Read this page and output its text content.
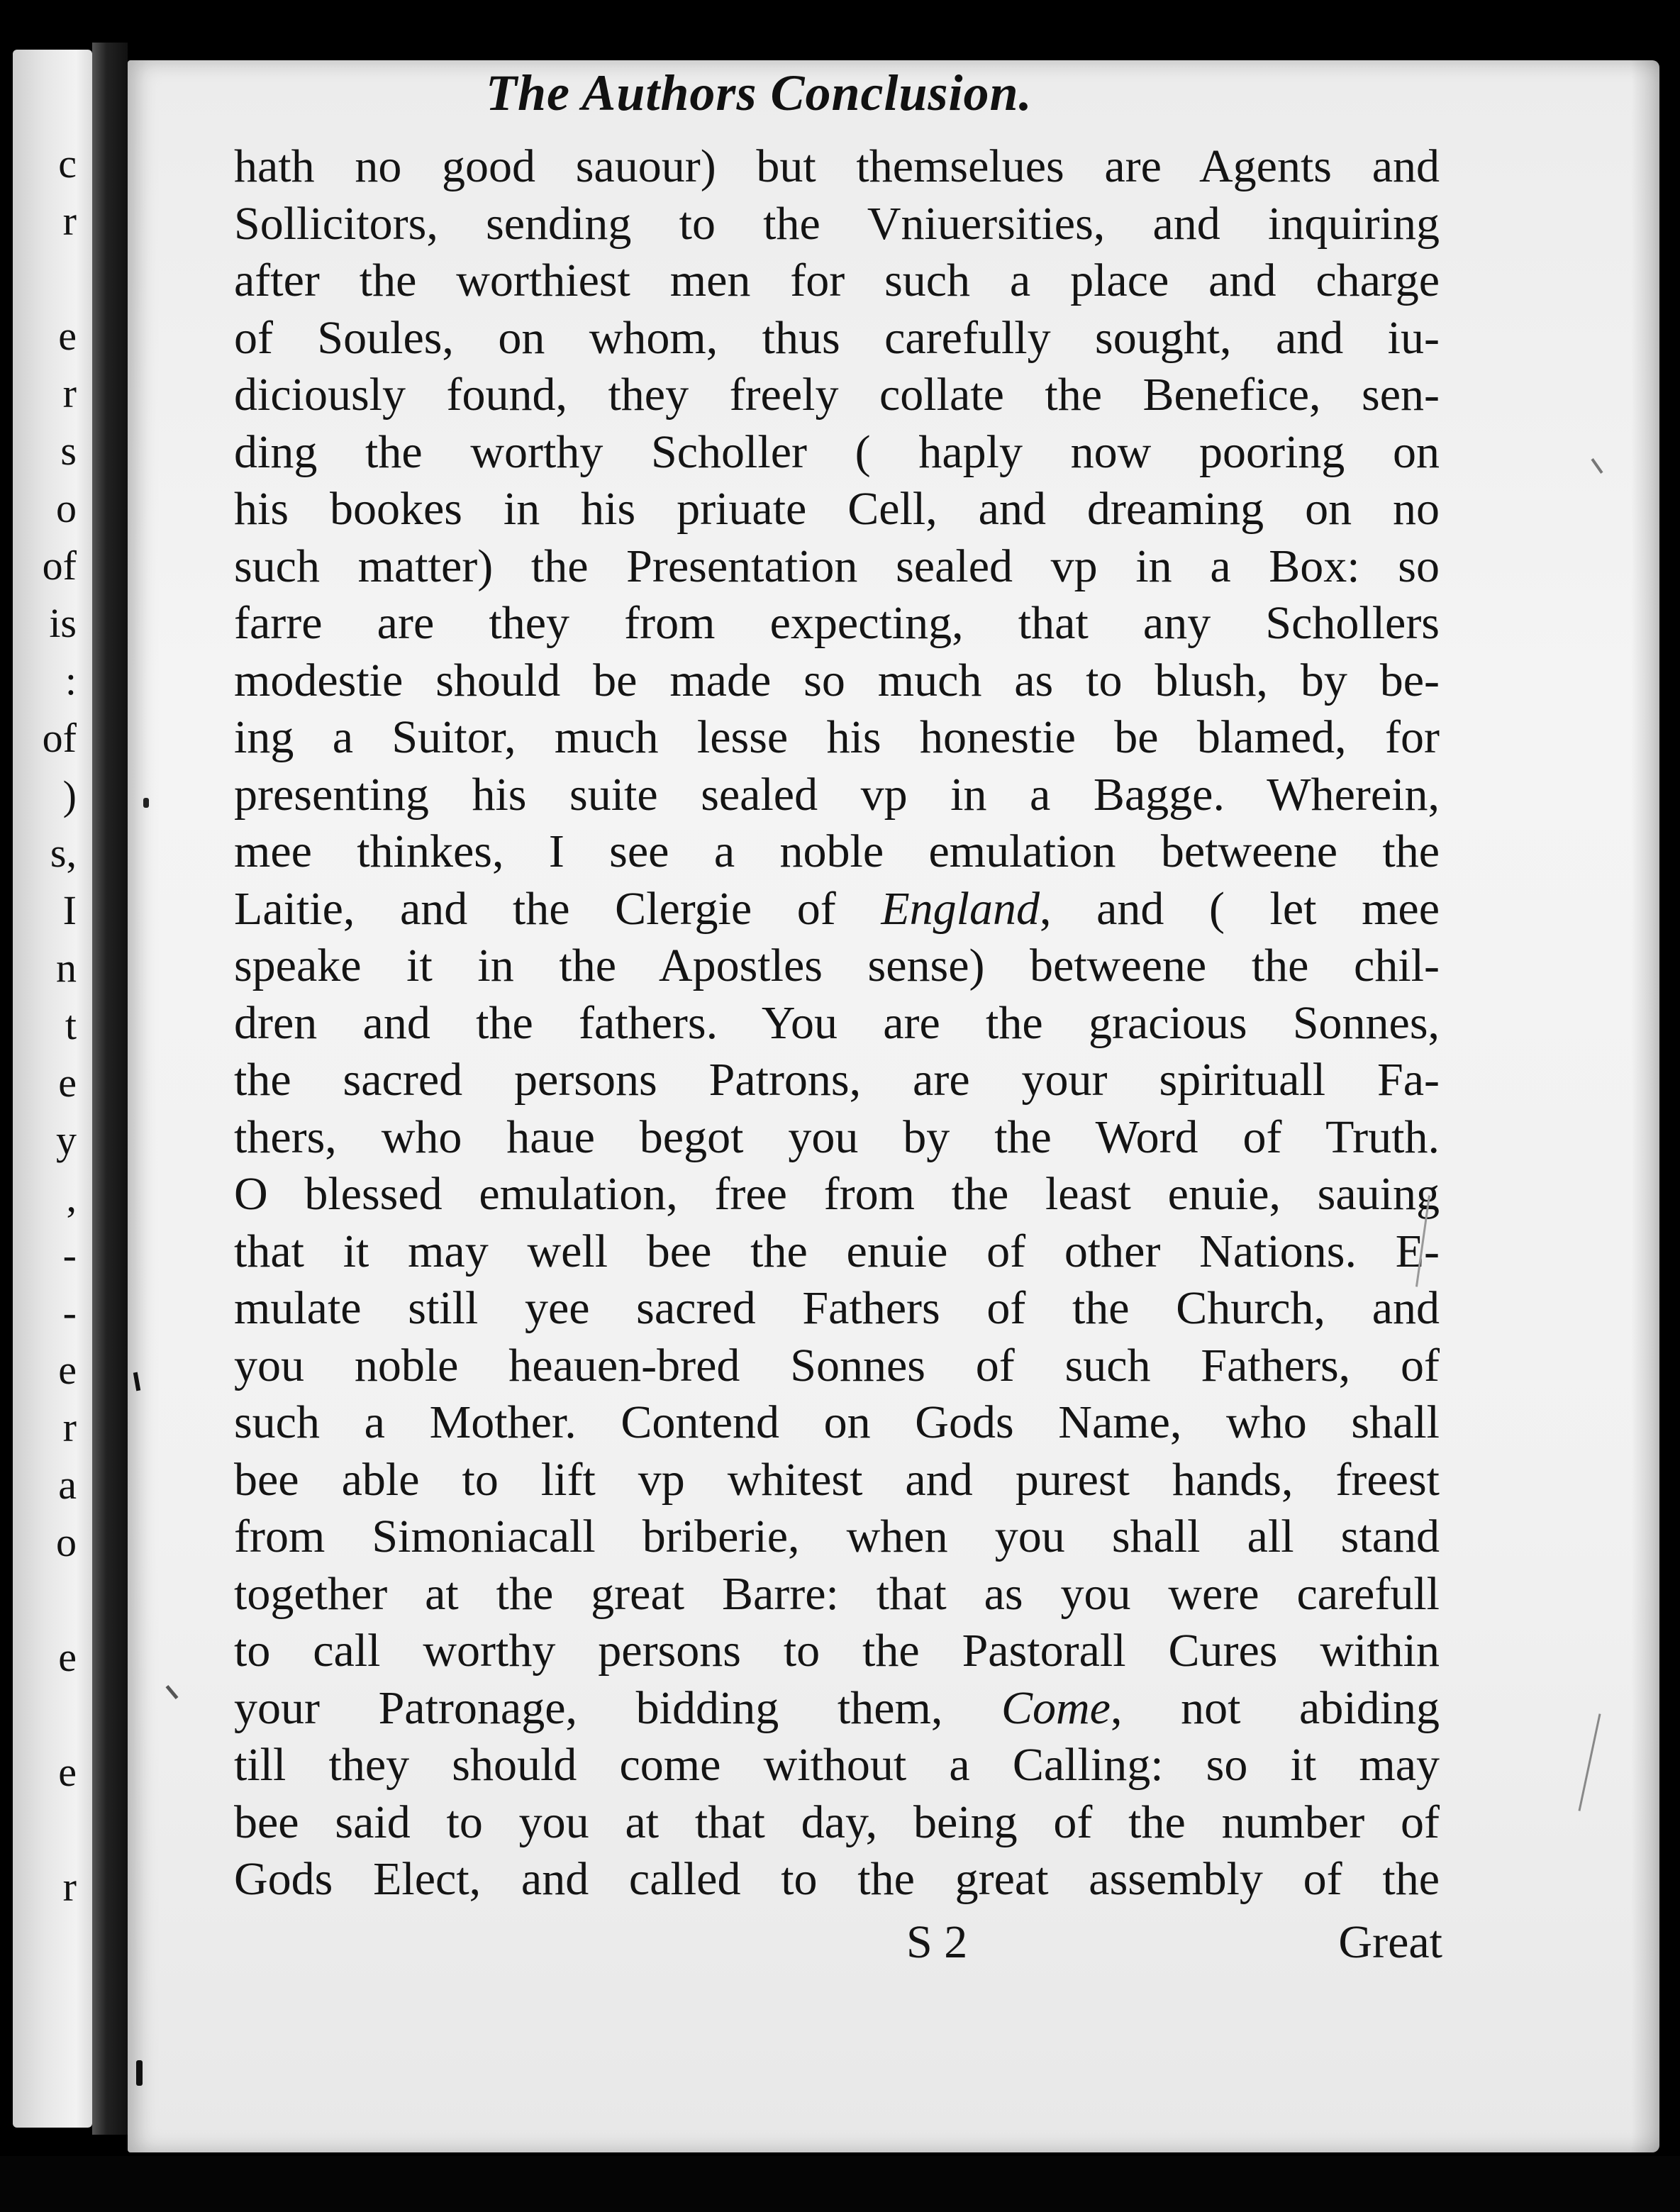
c
r
e
r
s
o
of
is
:
of
)
s,
I
n
t
e
y
,
-
-
e
r
a
o
e
e
r
The Authors Conclusion.
hath no good sauour) but themselues are Agents and
Sollicitors, sending to the Vniuersities, and inquiring
after the worthiest men for such a place and charge
of Soules, on whom, thus carefully sought, and iu-
diciously found, they freely collate the Benefice, sen-
ding the worthy Scholler ( haply now pooring on
his bookes in his priuate Cell, and dreaming on no
such matter) the Presentation sealed vp in a Box: so
farre are they from expecting, that any Schollers
modestie should be made so much as to blush, by be-
ing a Suitor, much lesse his honestie be blamed, for
presenting his suite sealed vp in a Bagge. Wherein,
mee thinkes, I see a noble emulation betweene the
Laitie, and the Clergie of England, and ( let mee
speake it in the Apostles sense) betweene the chil-
dren and the fathers. You are the gracious Sonnes,
the sacred persons Patrons, are your spirituall Fa-
thers, who haue begot you by the Word of Truth.
O blessed emulation, free from the least enuie, sauing
that it may well bee the enuie of other Nations. E-
mulate still yee sacred Fathers of the Church, and
you noble heauen-bred Sonnes of such Fathers, of
such a Mother. Contend on Gods Name, who shall
bee able to lift vp whitest and purest hands, freest
from Simoniacall briberie, when you shall all stand
together at the great Barre: that as you were carefull
to call worthy persons to the Pastorall Cures within
your Patronage, bidding them, Come, not abiding
till they should come without a Calling: so it may
bee said to you at that day, being of the number of
Gods Elect, and called to the great assembly of the
S 2	Great
